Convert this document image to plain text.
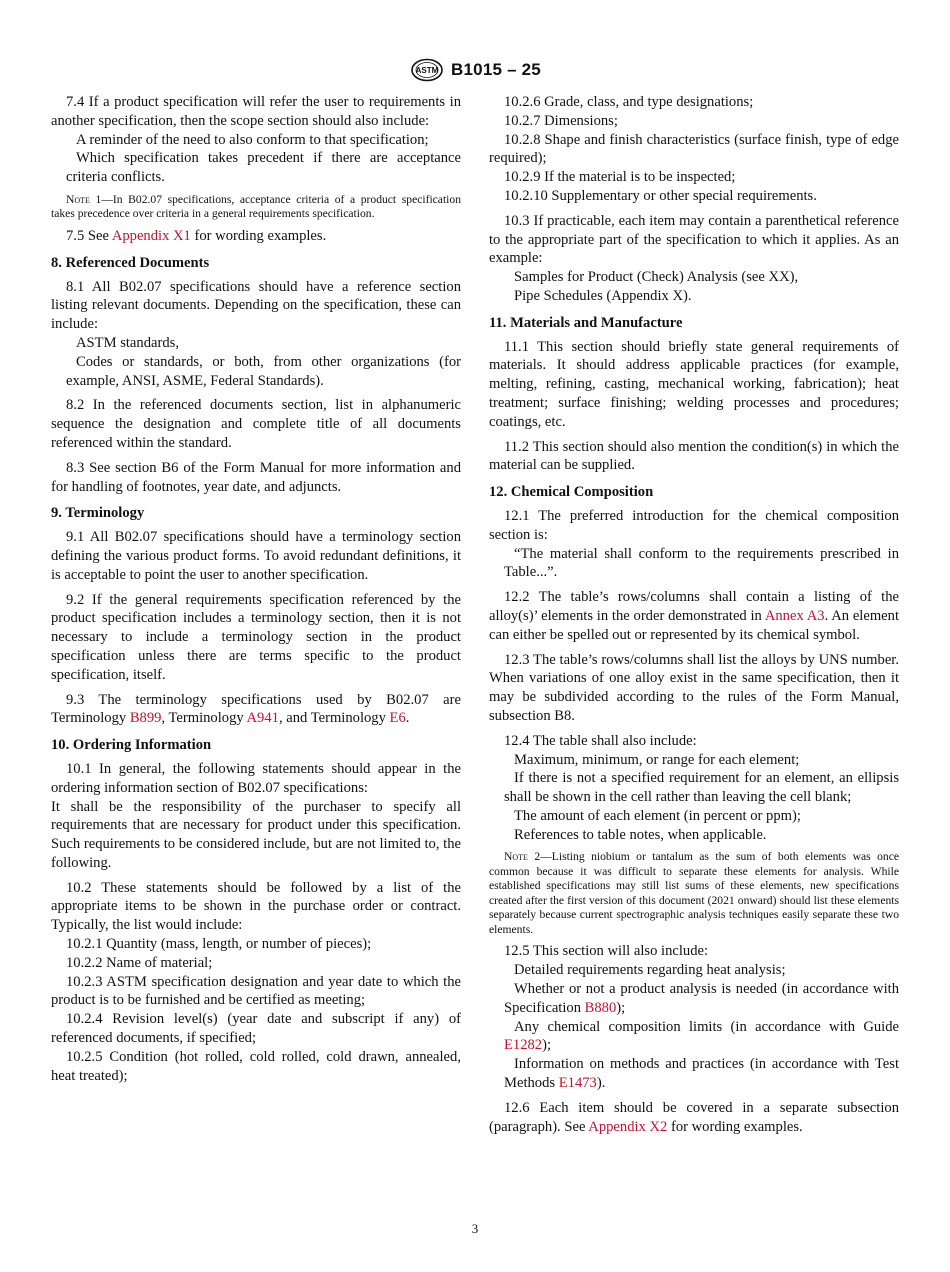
ASTM B1015 – 25

7.4 If a product specification will refer the user to requirements in another specification, then the scope section should also include:

A reminder of the need to also conform to that specification;

Which specification takes precedent if there are acceptance criteria conflicts.

Note 1—In B02.07 specifications, acceptance criteria of a product specification takes precedence over criteria in a general requirements specification.

7.5 See Appendix X1 for wording examples.

8. Referenced Documents

8.1 All B02.07 specifications should have a reference section listing relevant documents. Depending on the specification, these can include:

ASTM standards,

Codes or standards, or both, from other organizations (for example, ANSI, ASME, Federal Standards).

8.2 In the referenced documents section, list in alphanumeric sequence the designation and complete title of all documents referenced within the standard.

8.3 See section B6 of the Form Manual for more information and for handling of footnotes, year date, and adjuncts.

9. Terminology

9.1 All B02.07 specifications should have a terminology section defining the various product forms. To avoid redundant definitions, it is acceptable to point the user to another specification.

9.2 If the general requirements specification referenced by the product specification includes a terminology section, then it is not necessary to include a terminology section in the product specification unless there are terms specific to the product specification, itself.

9.3 The terminology specifications used by B02.07 are Terminology B899, Terminology A941, and Terminology E6.

10. Ordering Information

10.1 In general, the following statements should appear in the ordering information section of B02.07 specifications:

It shall be the responsibility of the purchaser to specify all requirements that are necessary for product under this specification. Such requirements to be considered include, but are not limited to, the following.

10.2 These statements should be followed by a list of the appropriate items to be shown in the purchase order or contract. Typically, the list would include:

10.2.1 Quantity (mass, length, or number of pieces);

10.2.2 Name of material;

10.2.3 ASTM specification designation and year date to which the product is to be furnished and be certified as meeting;

10.2.4 Revision level(s) (year date and subscript if any) of referenced documents, if specified;

10.2.5 Condition (hot rolled, cold rolled, cold drawn, annealed, heat treated);

10.2.6 Grade, class, and type designations;

10.2.7 Dimensions;

10.2.8 Shape and finish characteristics (surface finish, type of edge required);

10.2.9 If the material is to be inspected;

10.2.10 Supplementary or other special requirements.

10.3 If practicable, each item may contain a parenthetical reference to the appropriate part of the specification to which it applies. As an example:

Samples for Product (Check) Analysis (see XX),

Pipe Schedules (Appendix X).

11. Materials and Manufacture

11.1 This section should briefly state general requirements of materials. It should address applicable practices (for example, melting, refining, casting, mechanical working, fabrication); heat treatment; surface finishing; welding processes and procedures; coatings, etc.

11.2 This section should also mention the condition(s) in which the material can be supplied.

12. Chemical Composition

12.1 The preferred introduction for the chemical composition section is:

“The material shall conform to the requirements prescribed in Table...”.

12.2 The table’s rows/columns shall contain a listing of the alloy(s)’ elements in the order demonstrated in Annex A3. An element can either be spelled out or represented by its chemical symbol.

12.3 The table’s rows/columns shall list the alloys by UNS number. When variations of one alloy exist in the same specification, then it may be subdivided according to the rules of the Form Manual, subsection B8.

12.4 The table shall also include:

Maximum, minimum, or range for each element;

If there is not a specified requirement for an element, an ellipsis shall be shown in the cell rather than leaving the cell blank;

The amount of each element (in percent or ppm);

References to table notes, when applicable.

Note 2—Listing niobium or tantalum as the sum of both elements was once common because it was difficult to separate these elements for analysis. While established specifications may still list sums of these elements, new specifications created after the first version of this document (2021 onward) should list these elements separately because current spectrographic analysis techniques easily separate these two elements.

12.5 This section will also include:

Detailed requirements regarding heat analysis;

Whether or not a product analysis is needed (in accordance with Specification B880);

Any chemical composition limits (in accordance with Guide E1282);

Information on methods and practices (in accordance with Test Methods E1473).

12.6 Each item should be covered in a separate subsection (paragraph). See Appendix X2 for wording examples.

3
